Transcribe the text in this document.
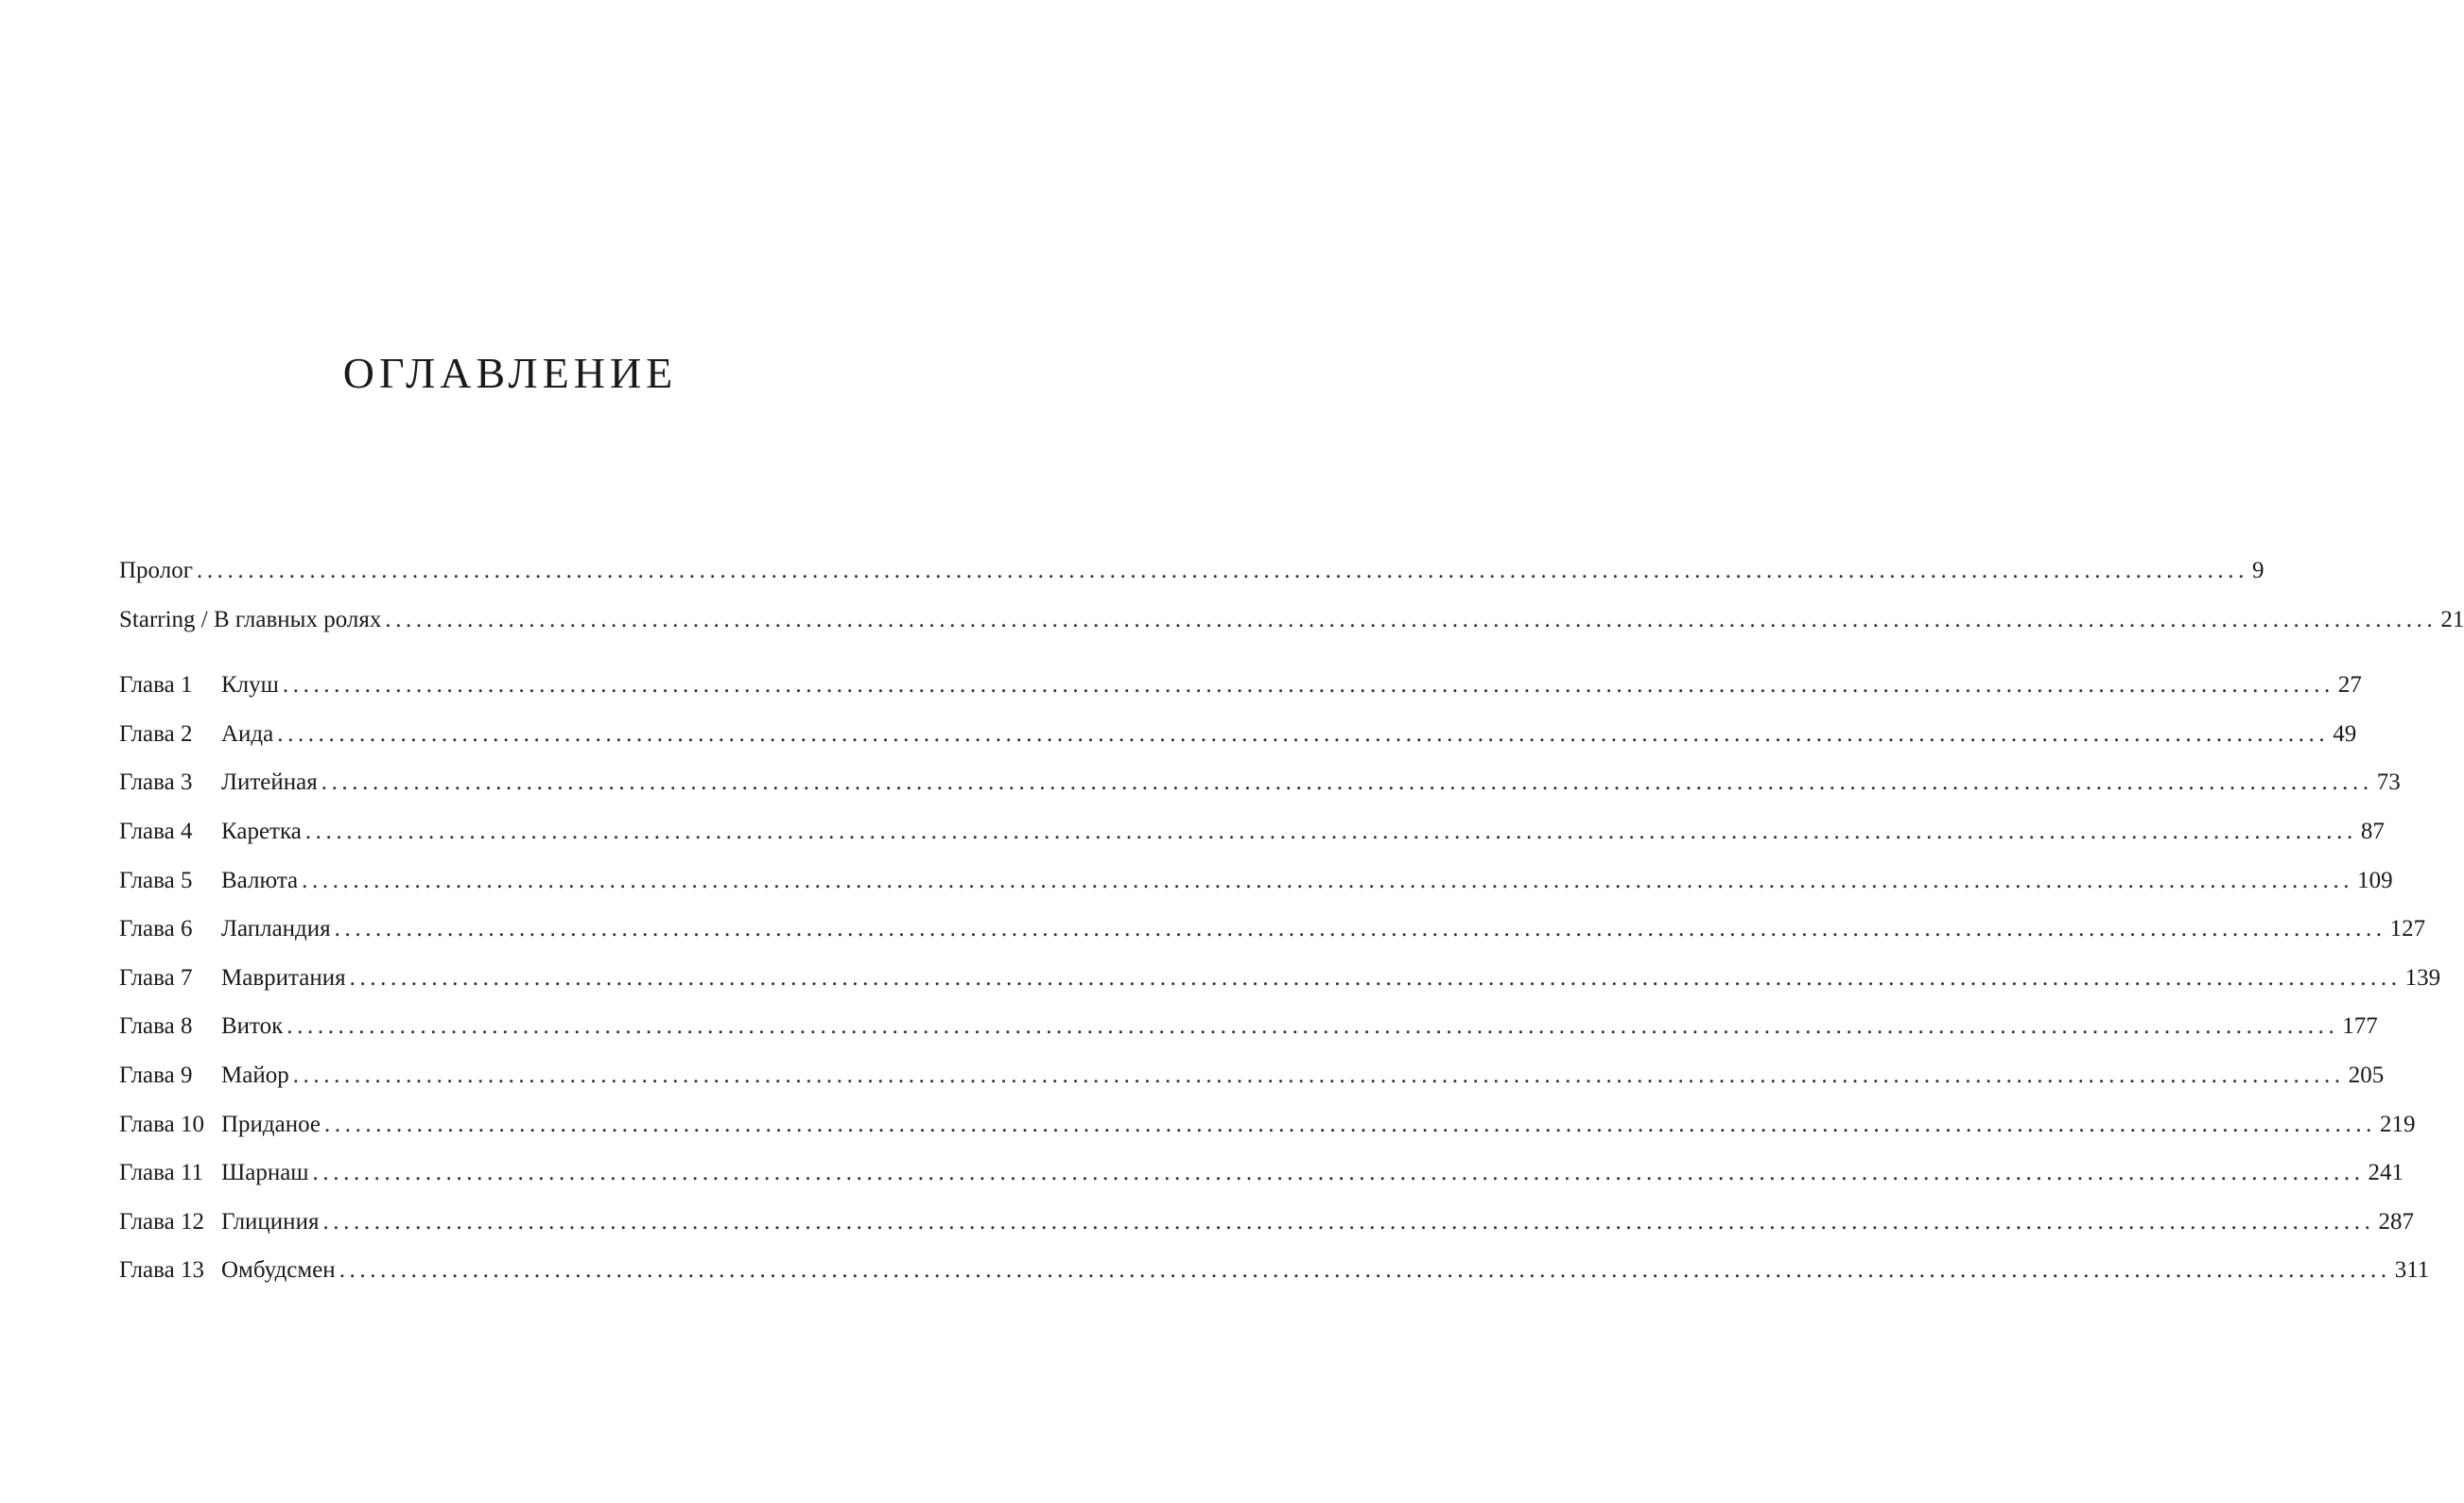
ОГЛАВЛЕНИЕ
Пролог ........................................................................................................................................................................................................ 9
Starring / В главных ролях ........................................................................................................................................................................................................ 21
Глава 1	Клуш ........................................................................................................................................................................................................ 27
Глава 2	Аида ........................................................................................................................................................................................................ 49
Глава 3	Литейная ........................................................................................................................................................................................................ 73
Глава 4	Каретка ........................................................................................................................................................................................................ 87
Глава 5	Валюта ........................................................................................................................................................................................................ 109
Глава 6	Лапландия ........................................................................................................................................................................................................ 127
Глава 7	Мавритания ........................................................................................................................................................................................................ 139
Глава 8	Виток ........................................................................................................................................................................................................ 177
Глава 9	Майор ........................................................................................................................................................................................................ 205
Глава 10 Приданое ........................................................................................................................................................................................................ 219
Глава 11 Шарнаш ........................................................................................................................................................................................................ 241
Глава 12 Глициния ........................................................................................................................................................................................................ 287
Глава 13 Омбудсмен ........................................................................................................................................................................................................ 311
